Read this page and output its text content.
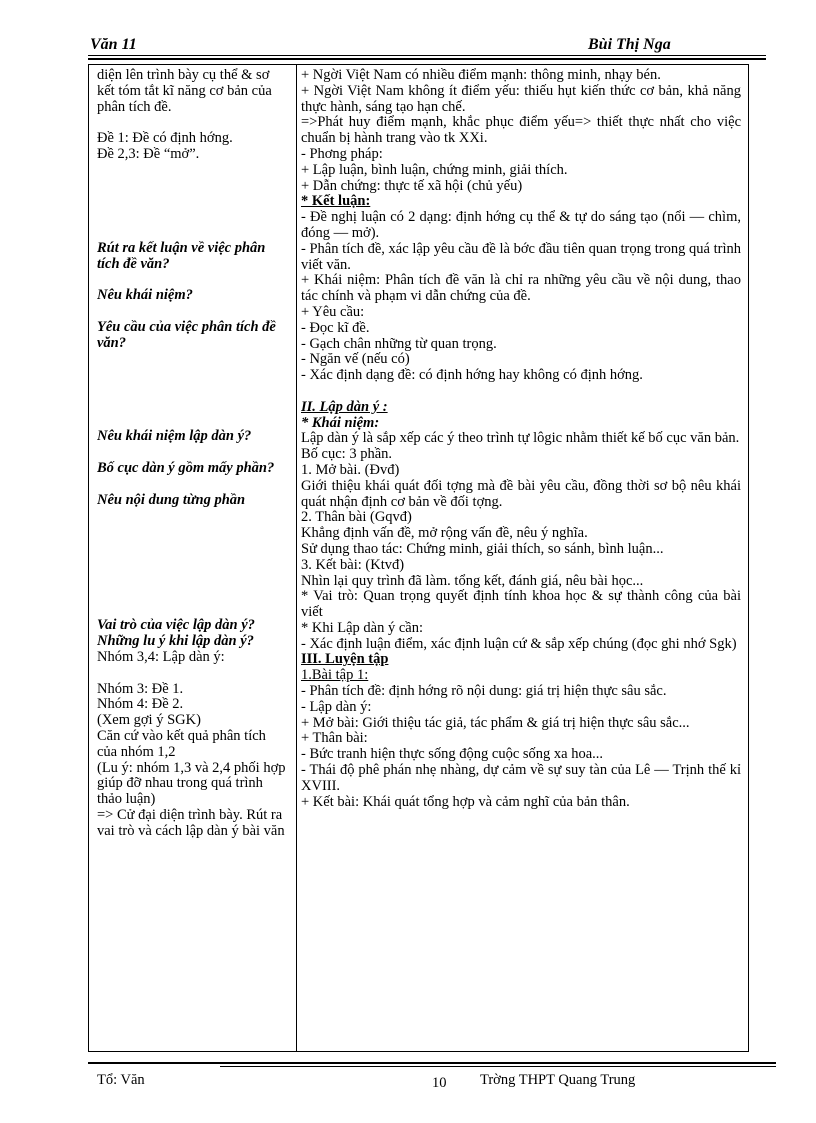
Văn 11	Bùi Thị Nga

diện lên trình bày cụ thể & sơ kết tóm tắt kĩ năng cơ bản của phân tích đề.

Đề 1: Đề có định hớng.

Đề 2,3: Đề “mở”.

Rút ra kết luận về việc phân tích đề văn?

Nêu khái niệm?

Yêu cầu của việc phân tích đề văn?

Nêu khái niệm lập dàn ý?

Bố cục dàn ý gồm mấy phần?

Nêu nội dung từng phần

Vai trò của việc lập dàn ý?

Những lu ý khi lập dàn ý?

Nhóm 3,4: Lập dàn ý:

Nhóm 3: Đề 1.

Nhóm 4: Đề 2.

(Xem gợi ý SGK)

Căn cứ vào kết quả phân tích của nhóm 1,2

(Lu ý: nhóm 1,3 và 2,4 phối hợp giúp đỡ nhau trong quá trình thảo luận)

=> Cử đại diện trình bày. Rút ra vai trò và cách lập dàn ý bài văn

+ Ngời Việt Nam có nhiều điểm mạnh: thông minh, nhạy bén.

+ Ngời Việt Nam không ít điểm yếu: thiếu hụt kiến thức cơ bản, khả năng thực hành, sáng tạo hạn chế.

=>Phát huy điểm mạnh, khắc phục điểm yếu=> thiết thực nhất cho việc chuẩn bị hành trang vào tk XXi.

- Phơng pháp:

+ Lập luận, bình luận, chứng minh, giải thích.

+ Dẫn chứng: thực tế xã hội (chủ yếu)

* Kết luận:

- Đề nghị luận có 2 dạng: định hớng cụ thể & tự do sáng tạo (nổi — chìm, đóng — mở).

- Phân tích đề, xác lập yêu cầu đề là bớc đầu tiên quan trọng trong quá trình viết văn.

+ Khái niệm: Phân tích đề văn là chỉ ra những yêu cầu về nội dung, thao tác chính và phạm vi dẫn chứng của đề.

+ Yêu cầu:

- Đọc kĩ đề.

- Gạch chân những từ quan trọng.

- Ngăn vế (nếu có)

- Xác định dạng đề: có định hớng hay không có định hớng.

II. Lập dàn ý :

* Khái niệm:

Lập dàn ý là sắp xếp các ý theo trình tự lôgic nhằm thiết kế bố cục văn bản.

Bố cục: 3 phần.

1. Mở bài. (Đvđ)

Giới thiệu khái quát đối tợng mà đề bài yêu cầu, đồng thời sơ bộ nêu khái quát nhận định cơ bản về đối tợng.

2. Thân bài (Gqvđ)

Khẳng định vấn đề, mở rộng vấn đề, nêu ý nghĩa.

Sử dụng thao tác: Chứng minh, giải thích, so sánh, bình luận...

3. Kết bài: (Ktvđ)

Nhìn lại quy trình đã làm. tổng kết, đánh giá, nêu bài học...

* Vai trò: Quan trọng quyết định tính khoa học & sự thành công của bài viết

* Khi Lập dàn ý cần:

- Xác định luận điểm, xác định luận cứ & sắp xếp chúng (đọc ghi nhớ Sgk)

III. Luyện tập

1.Bài tập 1:

- Phân tích đề: định hớng rõ nội dung: giá trị hiện thực sâu sắc.

- Lập dàn ý:

+ Mở bài: Giới thiệu tác giả, tác phẩm & giá trị hiện thực sâu sắc...

+ Thân bài:

- Bức tranh hiện thực sống động cuộc sống xa hoa...

- Thái độ phê phán nhẹ nhàng, dự cảm về sự suy tàn của Lê — Trịnh thế kỉ XVIII.

+ Kết bài: Khái quát tổng hợp và cảm nghĩ của bản thân.

Tổ: Văn	10 Trờng THPT Quang Trung
